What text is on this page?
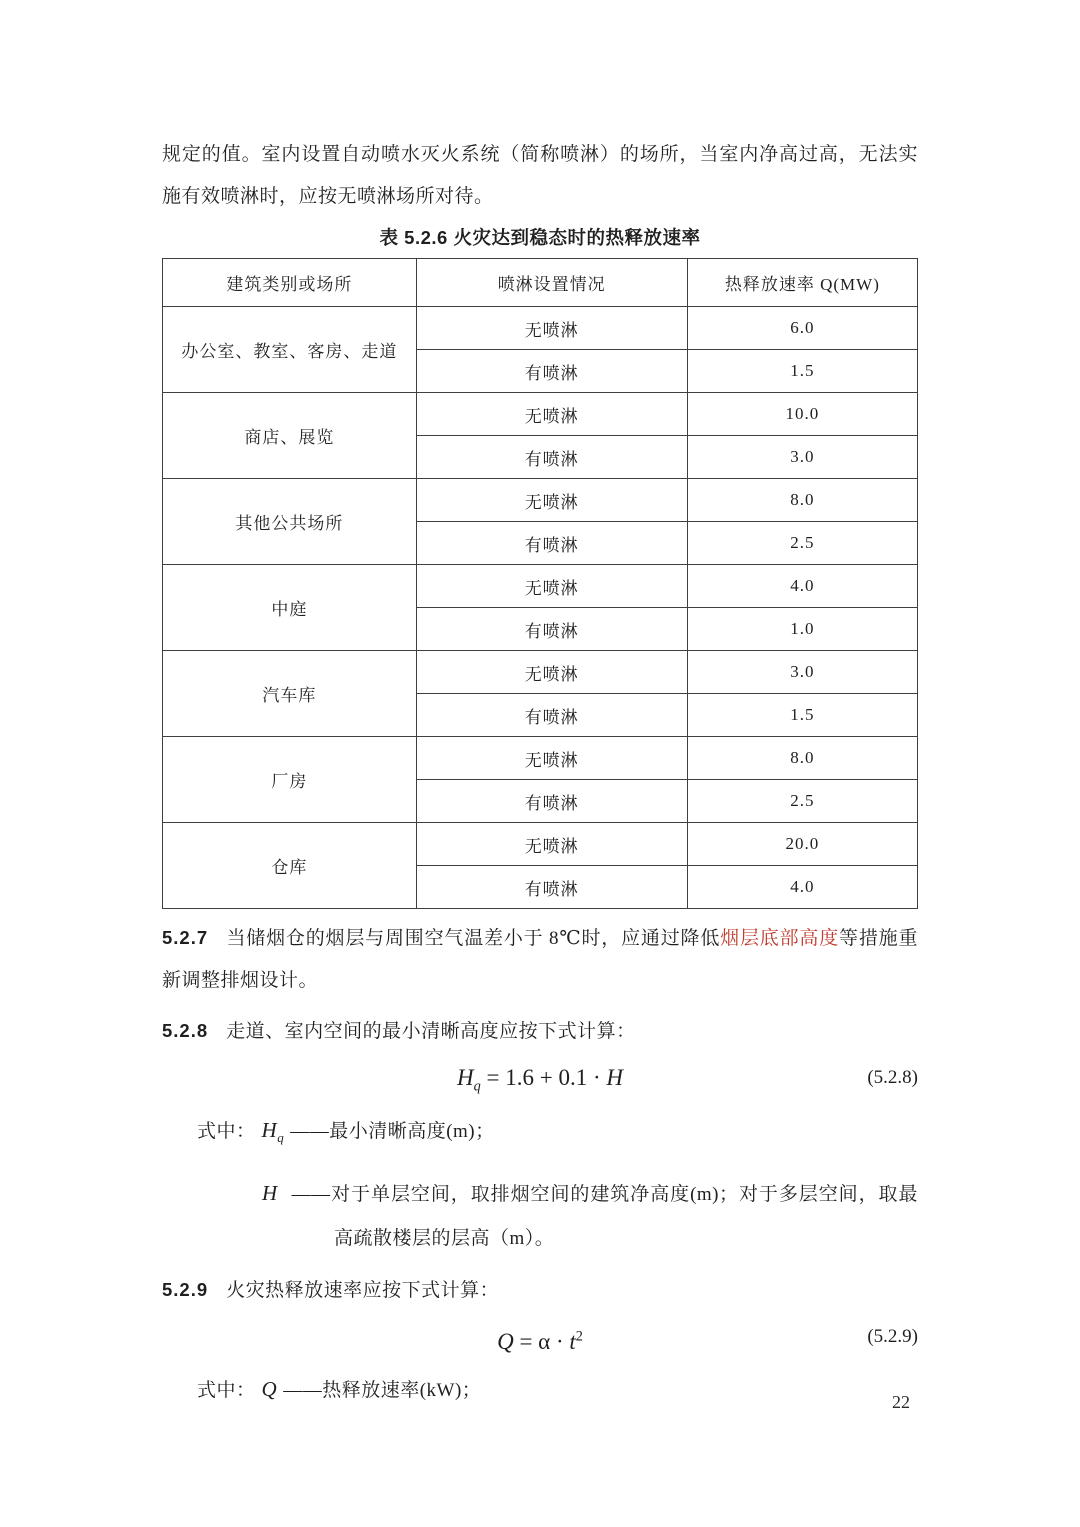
规定的值。室内设置自动喷水灭火系统（简称喷淋）的场所，当室内净高过高，无法实施有效喷淋时，应按无喷淋场所对待。

表 5.2.6 火灾达到稳态时的热释放速率
建筑类别或场所	喷淋设置情况	热释放速率 Q(MW)
办公室、教室、客房、走道	无喷淋	6.0
	有喷淋	1.5
商店、展览	无喷淋	10.0
	有喷淋	3.0
其他公共场所	无喷淋	8.0
	有喷淋	2.5
中庭	无喷淋	4.0
	有喷淋	1.0
汽车库	无喷淋	3.0
	有喷淋	1.5
厂房	无喷淋	8.0
	有喷淋	2.5
仓库	无喷淋	20.0
	有喷淋	4.0

5.2.7 当储烟仓的烟层与周围空气温差小于 8℃时，应通过降低烟层底部高度等措施重新调整排烟设计。

5.2.8 走道、室内空间的最小清晰高度应按下式计算：

$H_q = 1.6 + 0.1 \cdot H$	(5.2.8)

式中： $H_q$ ——最小清晰高度(m)；

H ——对于单层空间，取排烟空间的建筑净高度(m)；对于多层空间，取最高疏散楼层的层高（m）。

5.2.9 火灾热释放速率应按下式计算：

$Q = \alpha \cdot t^2$	(5.2.9)

式中： Q ——热释放速率(kW)；

22
